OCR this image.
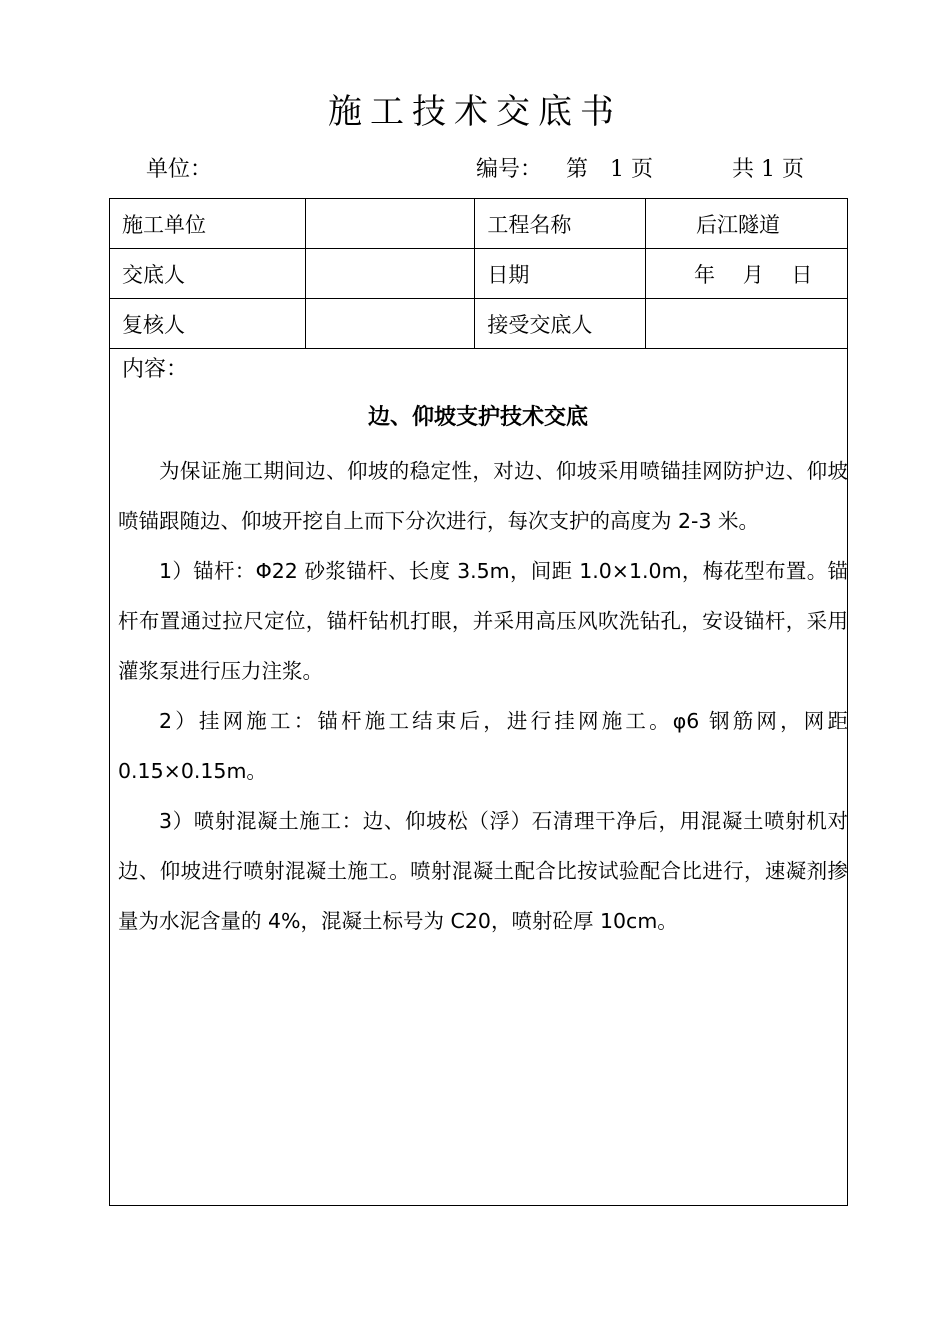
施工技术交底书
单位：	编号： 第　1 页	共 1 页
施工单位		工程名称	后江隧道
交底人		日期	年　 月　 日
复核人		接受交底人	
内容：
边、仰坡支护技术交底

为保证施工期间边、仰坡的稳定性，对边、仰坡采用喷锚挂网防护边、仰坡喷锚跟随边、仰坡开挖自上而下分次进行，每次支护的高度为 2-3 米。

1）锚杆：Φ22 砂浆锚杆、长度 3.5m，间距 1.0×1.0m，梅花型布置。锚杆布置通过拉尺定位，锚杆钻机打眼，并采用高压风吹洗钻孔，安设锚杆，采用灌浆泵进行压力注浆。

2）挂网施工：锚杆施工结束后，进行挂网施工。φ6 钢筋网，网距 0.15×0.15m。

3）喷射混凝土施工：边、仰坡松（浮）石清理干净后，用混凝土喷射机对边、仰坡进行喷射混凝土施工。喷射混凝土配合比按试验配合比进行，速凝剂掺量为水泥含量的 4%，混凝土标号为 C20，喷射砼厚 10cm。
